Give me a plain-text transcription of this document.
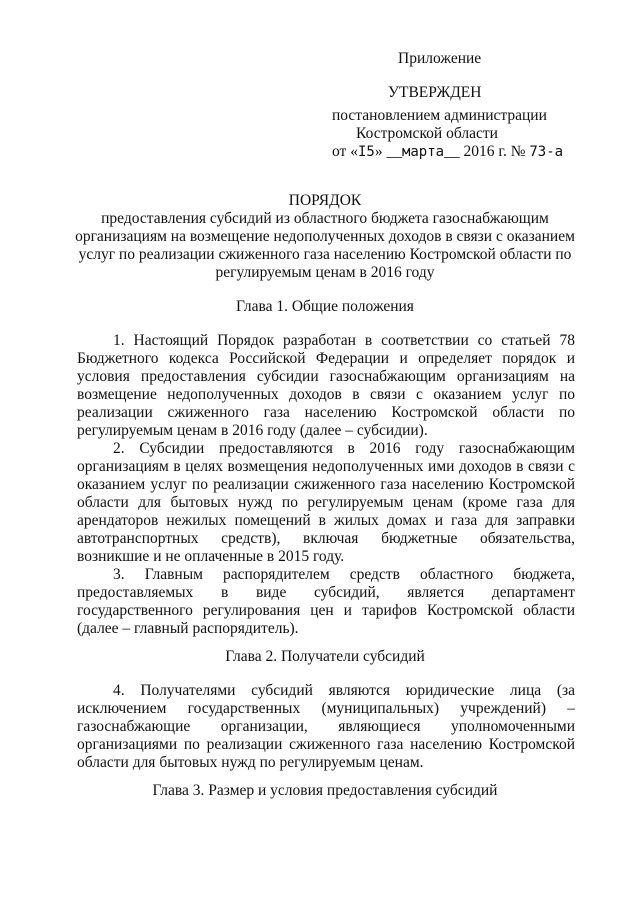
Приложение
УТВЕРЖДЕН
постановлением администрации
Костромской области
от «I5» __марта__ 2016 г. № 73-а
ПОРЯДОК
предоставления субсидий из областного бюджета газоснабжающим
организациям на возмещение недополученных доходов в связи с оказанием
услуг по реализации сжиженного газа населению Костромской области по
регулируемым ценам в 2016 году
Глава 1. Общие положения

1. Настоящий Порядок разработан в соответствии со статьей 78 Бюджетного кодекса Российской Федерации и определяет порядок и условия предоставления субсидии газоснабжающим организациям на возмещение недополученных доходов в связи с оказанием услуг по реализации сжиженного газа населению Костромской области по регулируемым ценам в 2016 году (далее – субсидии).

2. Субсидии предоставляются в 2016 году газоснабжающим организациям в целях возмещения недополученных ими доходов в связи с оказанием услуг по реализации сжиженного газа населению Костромской области для бытовых нужд по регулируемым ценам (кроме газа для арендаторов нежилых помещений в жилых домах и газа для заправки автотранспортных средств), включая бюджетные обязательства, возникшие и не оплаченные в 2015 году.

3. Главным распорядителем средств областного бюджета, предоставляемых в виде субсидий, является департамент государственного регулирования цен и тарифов Костромской области (далее – главный распорядитель).

Глава 2. Получатели субсидий

4. Получателями субсидий являются юридические лица (за исключением государственных (муниципальных) учреждений) – газоснабжающие организации, являющиеся уполномоченными организациями по реализации сжиженного газа населению Костромской области для бытовых нужд по регулируемым ценам.

Глава 3. Размер и условия предоставления субсидий
